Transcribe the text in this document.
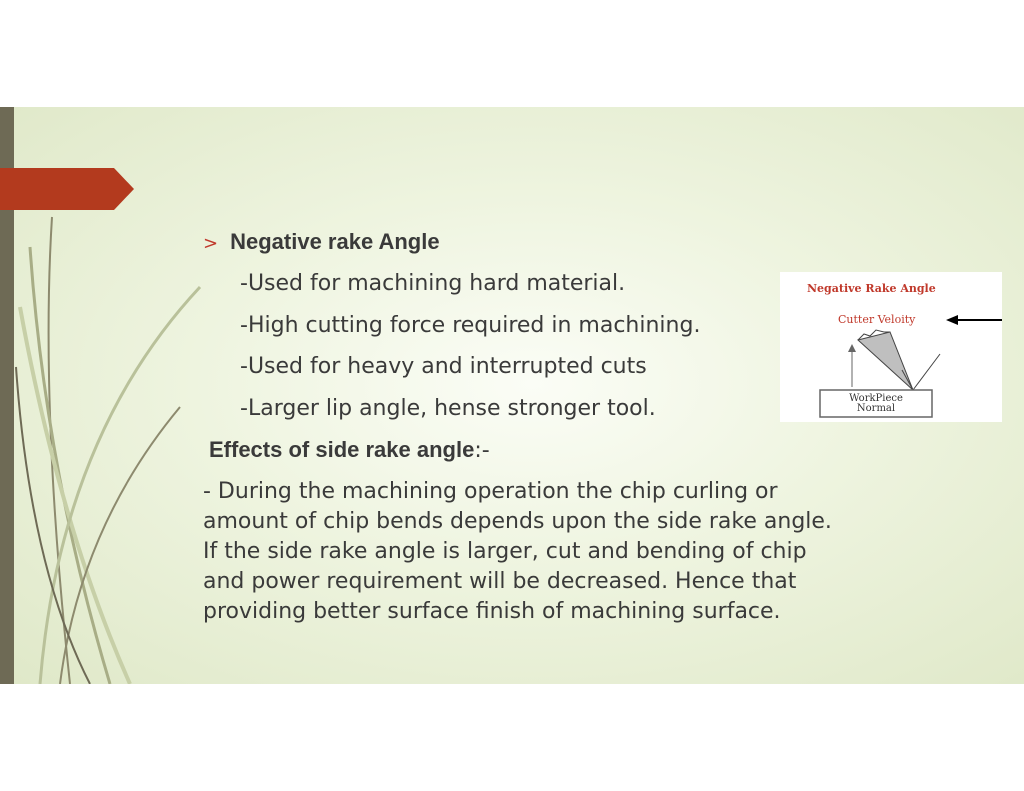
> Negative rake Angle
-Used for machining hard material.
-High cutting force required in machining.
-Used for heavy and interrupted cuts
-Larger lip angle, hense stronger tool.
Effects of side rake angle:-

- During the machining operation the chip curling or

amount of chip bends depends upon the side rake angle.

If the side rake angle is larger, cut and bending of chip

and power requirement will be decreased. Hence that

providing better surface finish of machining surface.

Negative Rake Angle
Cutter Veloity
WorkPiece
Normal
